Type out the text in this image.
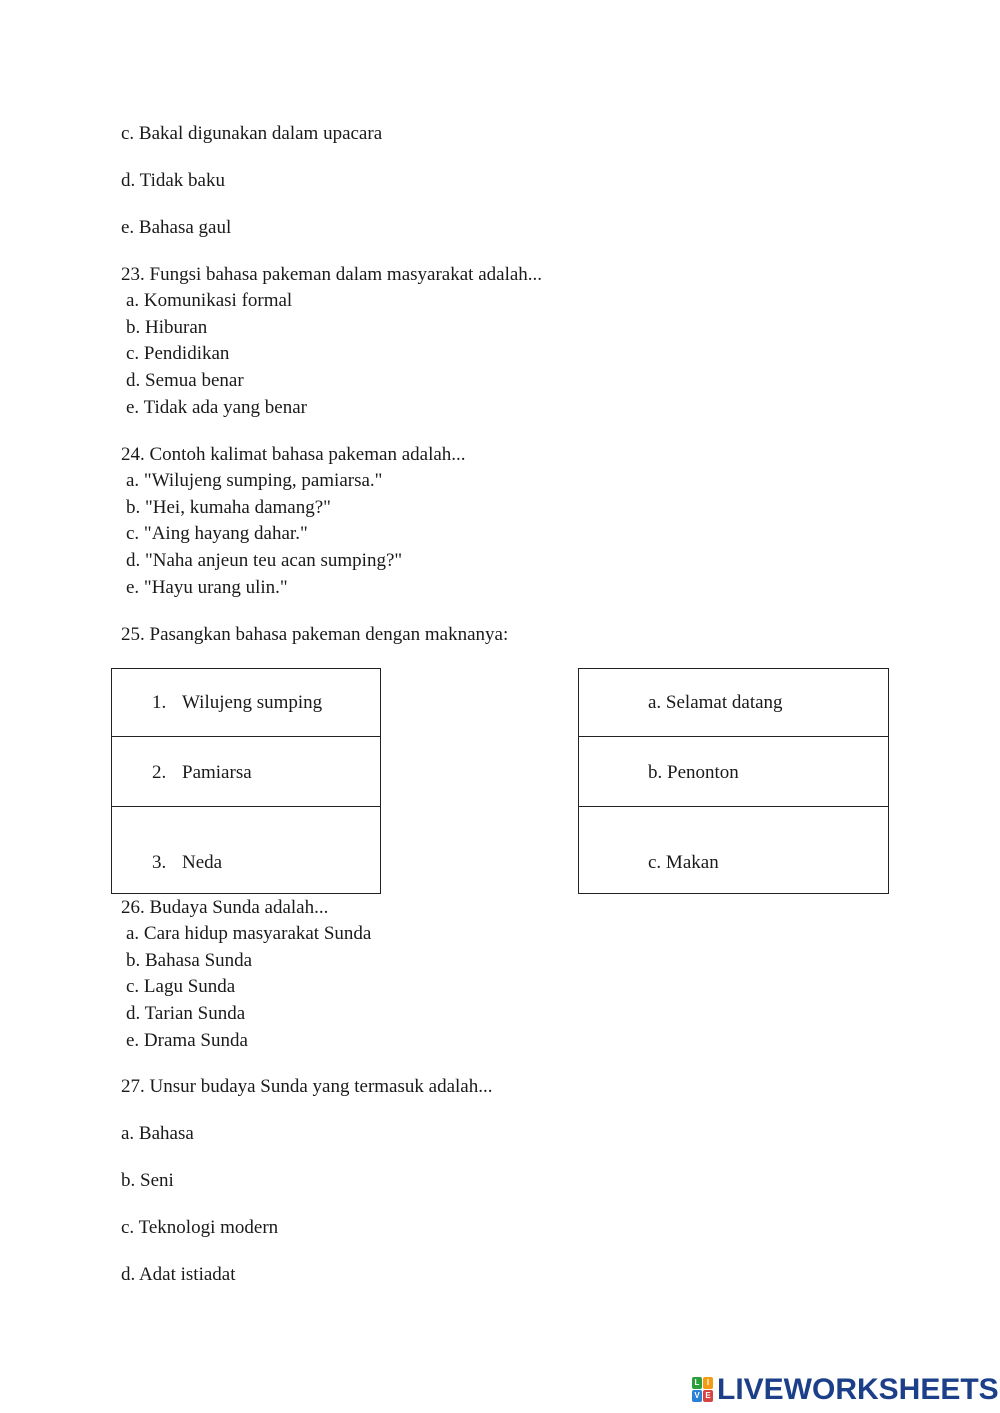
c. Bakal digunakan dalam upacara
d. Tidak baku
e. Bahasa gaul
23. Fungsi bahasa pakeman dalam masyarakat adalah...
a. Komunikasi formal
b. Hiburan
c. Pendidikan
d. Semua benar
e. Tidak ada yang benar
24. Contoh kalimat bahasa pakeman adalah...
a. "Wilujeng sumping, pamiarsa."
b. "Hei, kumaha damang?"
c. "Aing hayang dahar."
d. "Naha anjeun teu acan sumping?"
e. "Hayu urang ulin."
25. Pasangkan bahasa pakeman dengan maknanya:
1. Wilujeng sumping
2. Pamiarsa
3. Neda
a. Selamat datang
b. Penonton
c. Makan
26. Budaya Sunda adalah...
a. Cara hidup masyarakat Sunda
b. Bahasa Sunda
c. Lagu Sunda
d. Tarian Sunda
e. Drama Sunda
27. Unsur budaya Sunda yang termasuk adalah...
a. Bahasa
b. Seni
c. Teknologi modern
d. Adat istiadat
L I
V E LIVEWORKSHEETS
